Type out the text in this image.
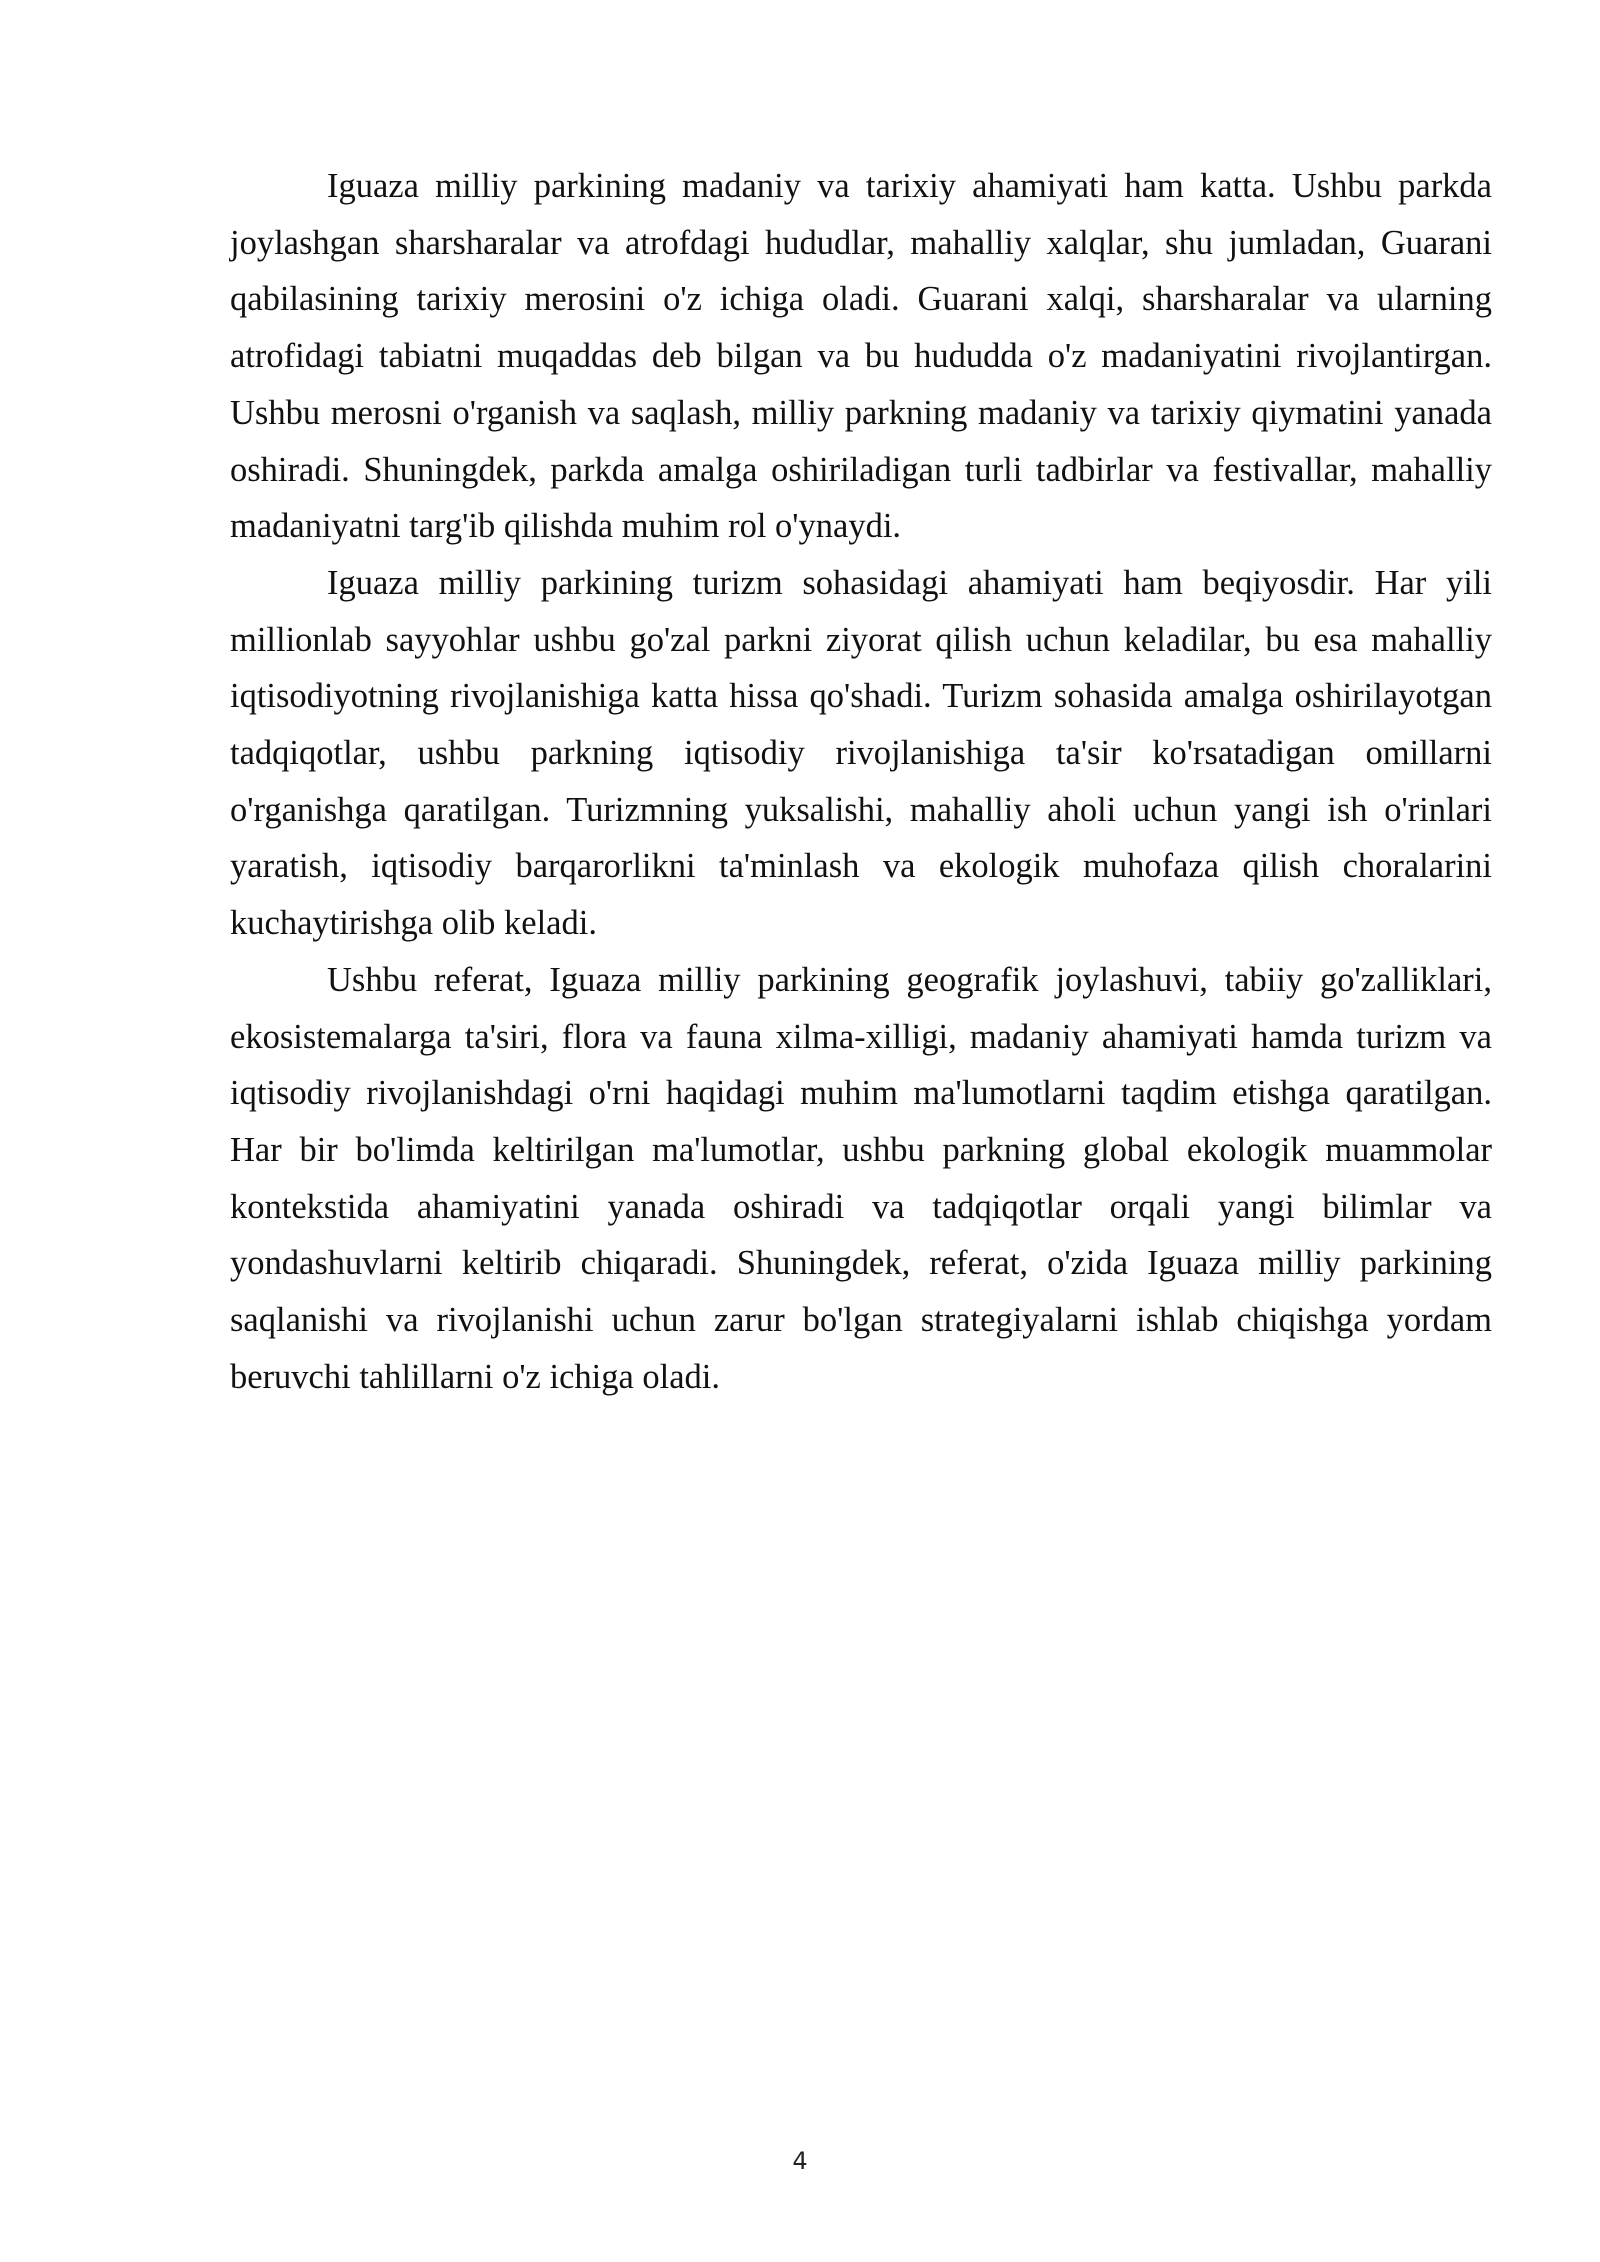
Iguaza milliy parkining madaniy va tarixiy ahamiyati ham katta. Ushbu parkda joylashgan sharsharalar va atrofdagi hududlar, mahalliy xalqlar, shu jumladan, Guarani qabilasining tarixiy merosini o'z ichiga oladi. Guarani xalqi, sharsharalar va ularning atrofidagi tabiatni muqaddas deb bilgan va bu hududda o'z madaniyatini rivojlantirgan. Ushbu merosni o'rganish va saqlash, milliy parkning madaniy va tarixiy qiymatini yanada oshiradi. Shuningdek, parkda amalga oshiriladigan turli tadbirlar va festivallar, mahalliy madaniyatni targ'ib qilishda muhim rol o'ynaydi.

Iguaza milliy parkining turizm sohasidagi ahamiyati ham beqiyosdir. Har yili millionlab sayyohlar ushbu go'zal parkni ziyorat qilish uchun keladilar, bu esa mahalliy iqtisodiyotning rivojlanishiga katta hissa qo'shadi. Turizm sohasida amalga oshirilayotgan tadqiqotlar, ushbu parkning iqtisodiy rivojlanishiga ta'sir ko'rsatadigan omillarni o'rganishga qaratilgan. Turizmning yuksalishi, mahalliy aholi uchun yangi ish o'rinlari yaratish, iqtisodiy barqarorlikni ta'minlash va ekologik muhofaza qilish choralarini kuchaytirishga olib keladi.

Ushbu referat, Iguaza milliy parkining geografik joylashuvi, tabiiy go'zalliklari, ekosistemalarga ta'siri, flora va fauna xilma-xilligi, madaniy ahamiyati hamda turizm va iqtisodiy rivojlanishdagi o'rni haqidagi muhim ma'lumotlarni taqdim etishga qaratilgan. Har bir bo'limda keltirilgan ma'lumotlar, ushbu parkning global ekologik muammolar kontekstida ahamiyatini yanada oshiradi va tadqiqotlar orqali yangi bilimlar va yondashuvlarni keltirib chiqaradi. Shuningdek, referat, o'zida Iguaza milliy parkining saqlanishi va rivojlanishi uchun zarur bo'lgan strategiyalarni ishlab chiqishga yordam beruvchi tahlillarni o'z ichiga oladi.

4
